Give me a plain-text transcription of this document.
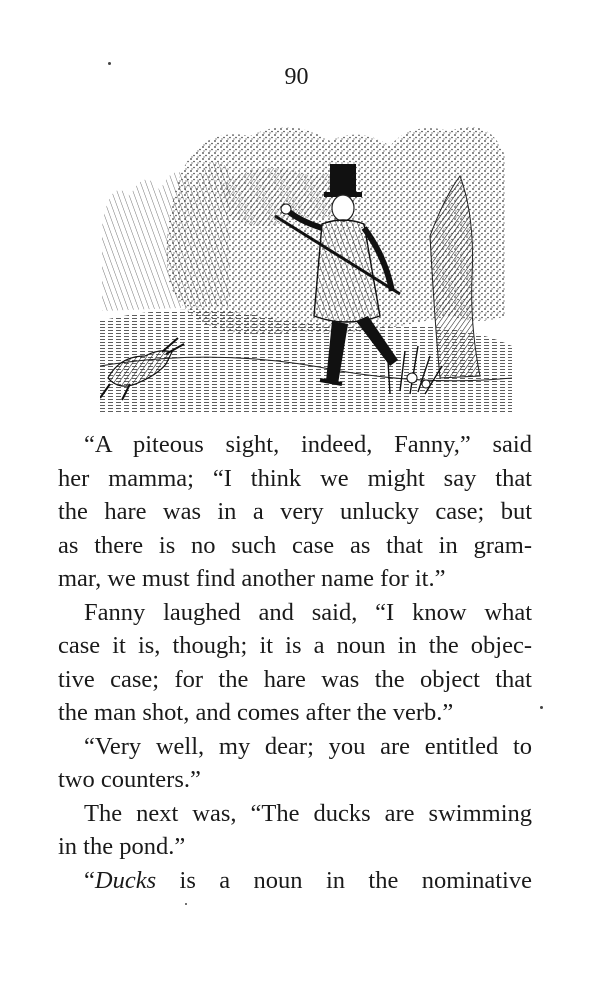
90
“A piteous sight, indeed, Fanny,” said
her mamma; “I think we might say that
the hare was in a very unlucky case; but
as there is no such case as that in gram-
mar, we must find another name for it.”
Fanny laughed and said, “I know what
case it is, though; it is a noun in the objec-
tive case; for the hare was the object that
the man shot, and comes after the verb.”
“Very well, my dear; you are entitled to
two counters.”
The next was, “The ducks are swimming
in the pond.”
“Ducks is a noun in the nominative
